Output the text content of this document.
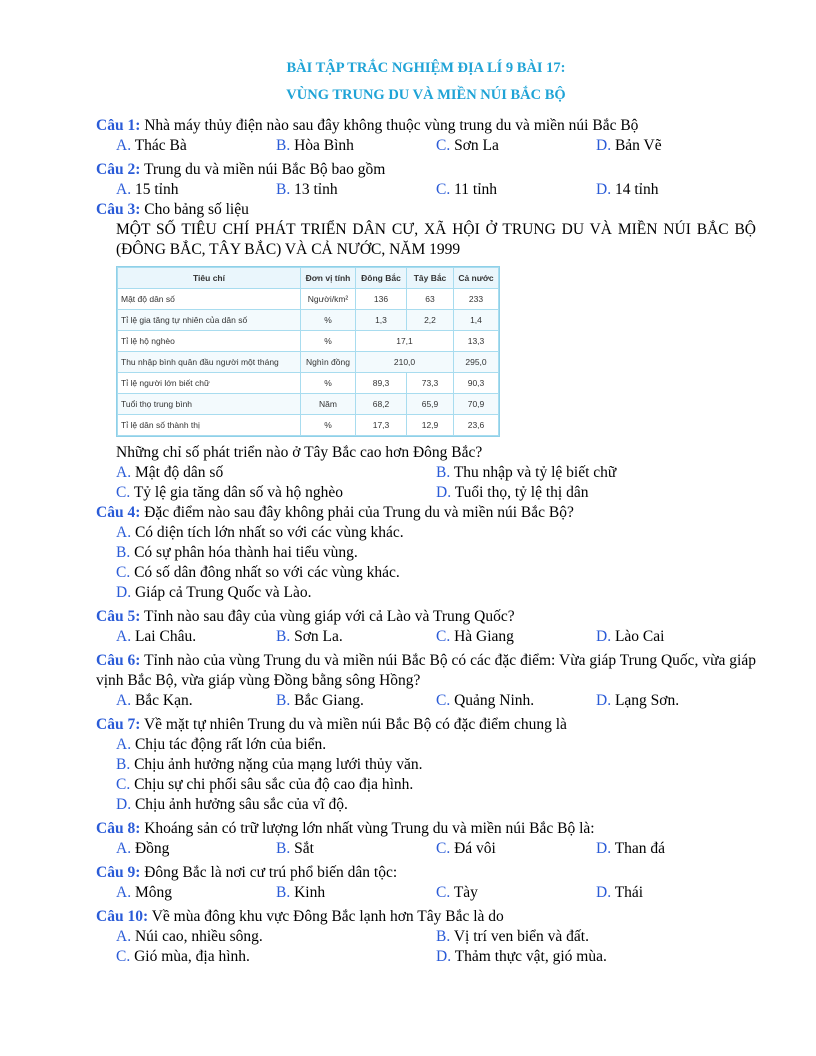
BÀI TẬP TRẮC NGHIỆM ĐỊA LÍ 9 BÀI 17:
VÙNG TRUNG DU VÀ MIỀN NÚI BẮC BỘ
Câu 1: Nhà máy thủy điện nào sau đây không thuộc vùng trung du và miền núi Bắc Bộ
A. Thác Bà	B. Hòa Bình	C. Sơn La	D. Bản Vẽ
Câu 2: Trung du và miền núi Bắc Bộ bao gồm
A. 15 tỉnh	B. 13 tỉnh	C. 11 tỉnh	D. 14 tỉnh
Câu 3: Cho bảng số liệu
MỘT SỐ TIÊU CHÍ PHÁT TRIỂN DÂN CƯ, XÃ HỘI Ở TRUNG DU VÀ MIỀN NÚI BẮC BỘ (ĐÔNG BẮC, TÂY BẮC) VÀ CẢ NƯỚC, NĂM 1999
Tiêu chí	Đơn vị tính	Đông Bắc	Tây Bắc	Cả nước
Mật độ dân số	Người/km²	136	63	233
Tỉ lệ gia tăng tự nhiên của dân số	%	1,3	2,2	1,4
Tỉ lệ hộ nghèo	%	17,1		13,3
Thu nhập bình quân đầu người một tháng	Nghìn đồng	210,0		295,0
Tỉ lệ người lớn biết chữ	%	89,3	73,3	90,3
Tuổi thọ trung bình	Năm	68,2	65,9	70,9
Tỉ lệ dân số thành thị	%	17,3	12,9	23,6
Những chỉ số phát triển nào ở Tây Bắc cao hơn Đông Bắc?
A. Mật độ dân số	B. Thu nhập và tỷ lệ biết chữ
C. Tỷ lệ gia tăng dân số và hộ nghèo	D. Tuổi thọ, tỷ lệ thị dân
Câu 4: Đặc điểm nào sau đây không phải của Trung du và miền núi Bắc Bộ?
A. Có diện tích lớn nhất so với các vùng khác.
B. Có sự phân hóa thành hai tiểu vùng.
C. Có số dân đông nhất so với các vùng khác.
D. Giáp cả Trung Quốc và Lào.
Câu 5: Tỉnh nào sau đây của vùng giáp với cả Lào và Trung Quốc?
A. Lai Châu.	B. Sơn La.	C. Hà Giang	D. Lào Cai
Câu 6: Tỉnh nào của vùng Trung du và miền núi Bắc Bộ có các đặc điểm: Vừa giáp Trung Quốc, vừa giáp vịnh Bắc Bộ, vừa giáp vùng Đồng bằng sông Hồng?
A. Bắc Kạn.	B. Bắc Giang.	C. Quảng Ninh.	D. Lạng Sơn.
Câu 7: Về mặt tự nhiên Trung du và miền núi Bắc Bộ có đặc điểm chung là
A. Chịu tác động rất lớn của biển.
B. Chịu ảnh hưởng nặng của mạng lưới thủy văn.
C. Chịu sự chi phối sâu sắc của độ cao địa hình.
D. Chịu ảnh hưởng sâu sắc của vĩ độ.
Câu 8: Khoáng sản có trữ lượng lớn nhất vùng Trung du và miền núi Bắc Bộ là:
A. Đồng	B. Sắt	C. Đá vôi	D. Than đá
Câu 9: Đông Bắc là nơi cư trú phổ biến dân tộc:
A. Mông	B. Kinh	C. Tày	D. Thái
Câu 10: Về mùa đông khu vực Đông Bắc lạnh hơn Tây Bắc là do
A. Núi cao, nhiều sông.	B. Vị trí ven biển và đất.
C. Gió mùa, địa hình.	D. Thảm thực vật, gió mùa.
